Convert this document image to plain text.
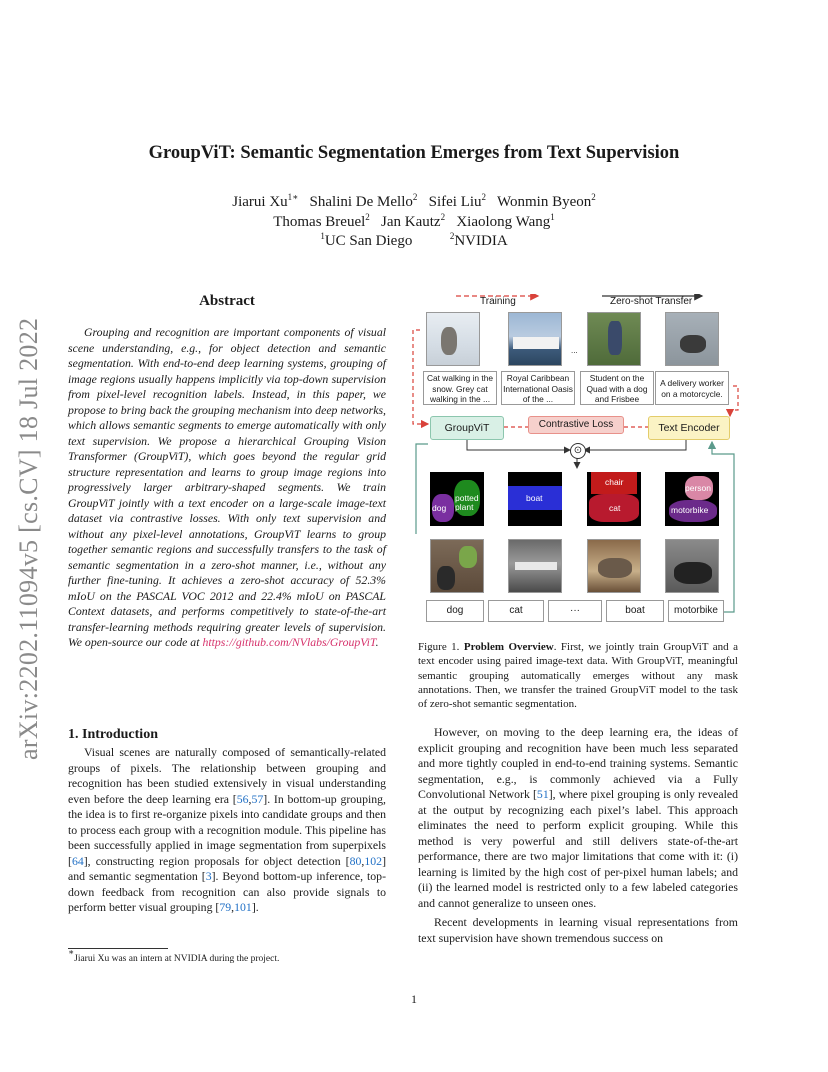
arXiv:2202.11094v5 [cs.CV] 18 Jul 2022
GroupViT: Semantic Segmentation Emerges from Text Supervision
Jiarui $Xu^{1∗}$ Shalini De Mello$^2$ Sifei Liu$^2$ Wonmin Byeon$^2$
Thomas Breuel$^2$ Jan Kautz$^2$ Xiaolong Wang$^1$
$^1$UC San Diego	$^2$NVIDIA
Abstract

Grouping and recognition are important components of visual scene understanding, e.g., for object detection and semantic segmentation. With end-to-end deep learning systems, grouping of image regions usually happens implicitly via top-down supervision from pixel-level recognition labels. Instead, in this paper, we propose to bring back the grouping mechanism into deep networks, which allows semantic segments to emerge automatically with only text supervision. We propose a hierarchical Grouping Vision Transformer (GroupViT), which goes beyond the regular grid structure representation and learns to group image regions into progressively larger arbitrary-shaped segments. We train GroupViT jointly with a text encoder on a large-scale image-text dataset via contrastive losses. With only text supervision and without any pixel-level annotations, GroupViT learns to group together semantic regions and successfully transfers to the task of semantic segmentation in a zero-shot manner, i.e., without any further fine-tuning. It achieves a zero-shot accuracy of 52.3% mIoU on the PASCAL VOC 2012 and 22.4% mIoU on PASCAL Context datasets, and performs competitively to state-of-the-art transfer-learning methods requiring greater levels of supervision. We open-source our code at https://github.com/NVlabs/GroupViT.

1. Introduction

Visual scenes are naturally composed of semantically-related groups of pixels. The relationship between grouping and recognition has been studied extensively in visual understanding even before the deep learning era [56,57]. In bottom-up grouping, the idea is to first re-organize pixels into candidate groups and then to process each group with a recognition module. This pipeline has been successfully applied in image segmentation from superpixels [64], constructing region proposals for object detection [80,102] and semantic segmentation [3]. Beyond bottom-up inference, top-down feedback from recognition can also provide signals to perform better visual grouping [79,101].

∗Jiarui Xu was an intern at NVIDIA during the project.
Training	Zero-shot Transfer
...
Cat walking in the snow. Grey cat walking in the ...
Royal Caribbean International Oasis of the ...
Student on the Quad with a dog and Frisbee
A delivery worker on a motorcycle.
GroupViT	Contrastive Loss	Text Encoder
⊙
dog
potted
plant
boat
chair
cat
person
motorbike
dog	cat	···	boat	motorbike
Figure 1. Problem Overview. First, we jointly train GroupViT and a text encoder using paired image-text data. With GroupViT, meaningful semantic grouping automatically emerges without any mask annotations. Then, we transfer the trained GroupViT model to the task of zero-shot semantic segmentation.

However, on moving to the deep learning era, the ideas of explicit grouping and recognition have been much less separated and more tightly coupled in end-to-end training systems. Semantic segmentation, e.g., is commonly achieved via a Fully Convolutional Network [51], where pixel grouping is only revealed at the output by recognizing each pixel’s label. This approach eliminates the need to perform explicit grouping. While this method is very powerful and still delivers state-of-the-art performance, there are two major limitations that come with it: (i) learning is limited by the high cost of per-pixel human labels; and (ii) the learned model is restricted only to a few labeled categories and cannot generalize to unseen ones.

Recent developments in learning visual representations from text supervision have shown tremendous success on

1
